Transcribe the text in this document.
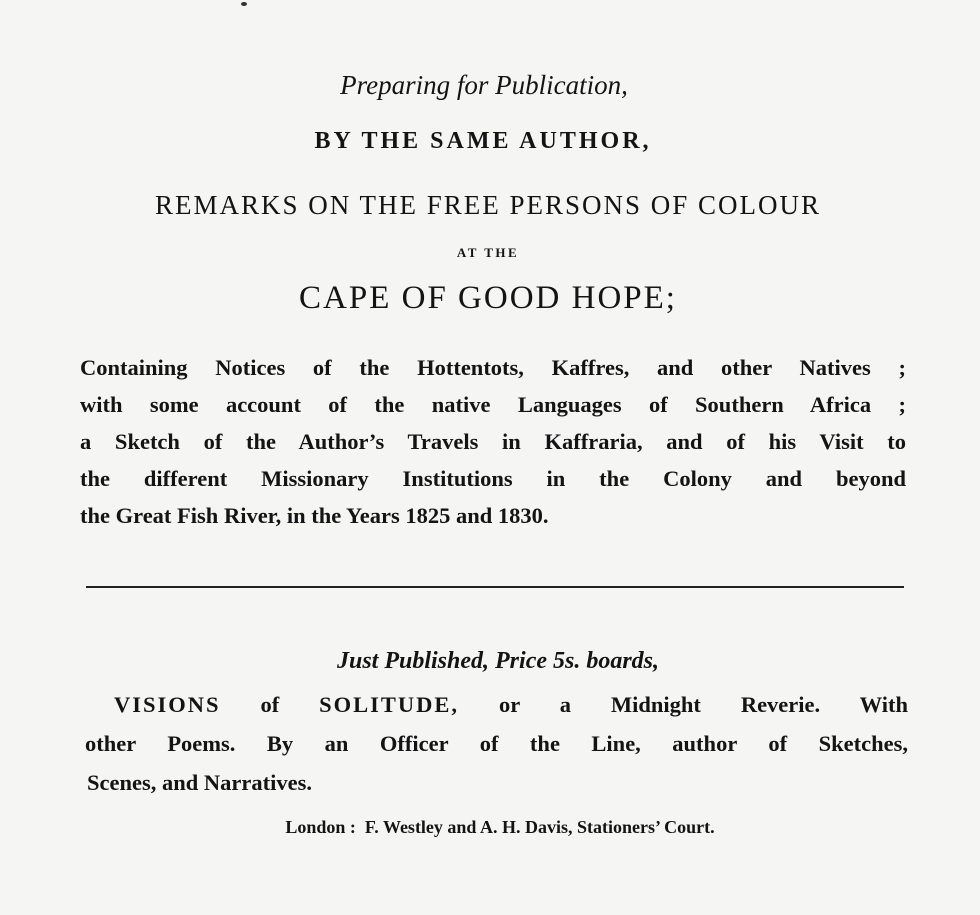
Preparing for Publication,
BY THE SAME AUTHOR,
REMARKS ON THE FREE PERSONS OF COLOUR
AT THE
CAPE OF GOOD HOPE;
Containing Notices of the Hottentots, Kaffres, and other Natives ;
with some account of the native Languages of Southern Africa ;
a Sketch of the Author’s Travels in Kaffraria, and of his Visit to
the different Missionary Institutions in the Colony and beyond
the Great Fish River, in the Years 1825 and 1830.
Just Published, Price 5s. boards,
VISIONS of SOLITUDE, or a Midnight Reverie. With
other Poems. By an Officer of the Line, author of Sketches,
Scenes, and Narratives.
London : F. Westley and A. H. Davis, Stationers’ Court.
